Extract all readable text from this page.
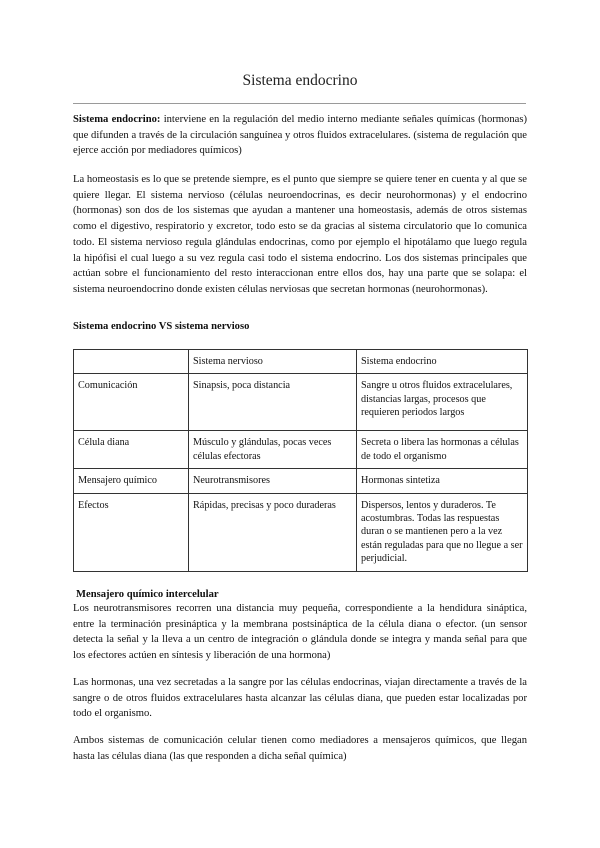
Sistema endocrino

Sistema endocrino: interviene en la regulación del medio interno mediante señales químicas (hormonas) que difunden a través de la circulación sanguínea y otros fluidos extracelulares. (sistema de regulación que ejerce acción por mediadores químicos)

La homeostasis es lo que se pretende siempre, es el punto que siempre se quiere tener en cuenta y al que se quiere llegar. El sistema nervioso (células neuroendocrinas, es decir neurohormonas) y el endocrino (hormonas) son dos de los sistemas que ayudan a mantener una homeostasis, además de otros sistemas como el digestivo, respiratorio y excretor, todo esto se da gracias al sistema circulatorio que lo comunica todo. El sistema nervioso regula glándulas endocrinas, como por ejemplo el hipotálamo que luego regula la hipófisi el cual luego a su vez regula casi todo el sistema endocrino. Los dos sistemas principales que actúan sobre el funcionamiento del resto interaccionan entre ellos dos, hay una parte que se solapa: el sistema neuroendocrino donde existen células nerviosas que secretan hormonas (neurohormonas).

Sistema endocrino VS sistema nervioso

	Sistema nervioso	Sistema endocrino
Comunicación	Sinapsis, poca distancia	Sangre u otros fluidos extracelulares, distancias largas, procesos que requieren periodos largos
Célula diana	Músculo y glándulas, pocas veces células efectoras	Secreta o libera las hormonas a células de todo el organismo
Mensajero químico	Neurotransmisores	Hormonas sintetiza
Efectos	Rápidas, precisas y poco duraderas	Dispersos, lentos y duraderos. Te acostumbras. Todas las respuestas duran o se mantienen pero a la vez están reguladas para que no llegue a ser perjudicial.

Mensajero químico intercelular

Los neurotransmisores recorren una distancia muy pequeña, correspondiente a la hendidura sináptica, entre la terminación presináptica y la membrana postsináptica de la célula diana o efector. (un sensor detecta la señal y la lleva a un centro de integración o glándula donde se integra y manda señal para que los efectores actúen en síntesis y liberación de una hormona)

Las hormonas, una vez secretadas a la sangre por las células endocrinas, viajan directamente a través de la sangre o de otros fluidos extracelulares hasta alcanzar las células diana, que pueden estar localizadas por todo el organismo.

Ambos sistemas de comunicación celular tienen como mediadores a mensajeros químicos, que llegan hasta las células diana (las que responden a dicha señal química)
